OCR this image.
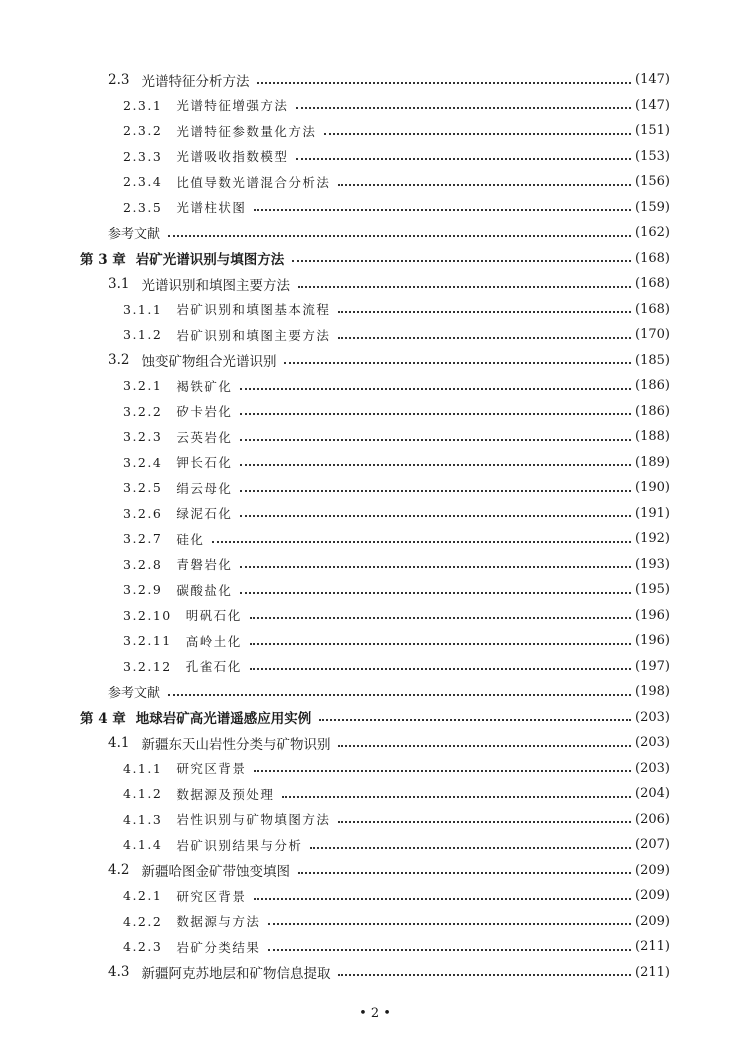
2.3 光谱特征分析方法	(147)
2.3.1 光谱特征增强方法	(147)
2.3.2 光谱特征参数量化方法	(151)
2.3.3 光谱吸收指数模型	(153)
2.3.4 比值导数光谱混合分析法	(156)
2.3.5 光谱柱状图	(159)
参考文献	(162)
第 3 章 岩矿光谱识别与填图方法	(168)
3.1 光谱识别和填图主要方法	(168)
3.1.1 岩矿识别和填图基本流程	(168)
3.1.2 岩矿识别和填图主要方法	(170)
3.2 蚀变矿物组合光谱识别	(185)
3.2.1 褐铁矿化	(186)
3.2.2 矽卡岩化	(186)
3.2.3 云英岩化	(188)
3.2.4 钾长石化	(189)
3.2.5 绢云母化	(190)
3.2.6 绿泥石化	(191)
3.2.7 硅化	(192)
3.2.8 青磐岩化	(193)
3.2.9 碳酸盐化	(195)
3.2.10 明矾石化	(196)
3.2.11 高岭土化	(196)
3.2.12 孔雀石化	(197)
参考文献	(198)
第 4 章 地球岩矿高光谱遥感应用实例	(203)
4.1 新疆东天山岩性分类与矿物识别	(203)
4.1.1 研究区背景	(203)
4.1.2 数据源及预处理	(204)
4.1.3 岩性识别与矿物填图方法	(206)
4.1.4 岩矿识别结果与分析	(207)
4.2 新疆哈图金矿带蚀变填图	(209)
4.2.1 研究区背景	(209)
4.2.2 数据源与方法	(209)
4.2.3 岩矿分类结果	(211)
4.3 新疆阿克苏地层和矿物信息提取	(211)
• 2 •
